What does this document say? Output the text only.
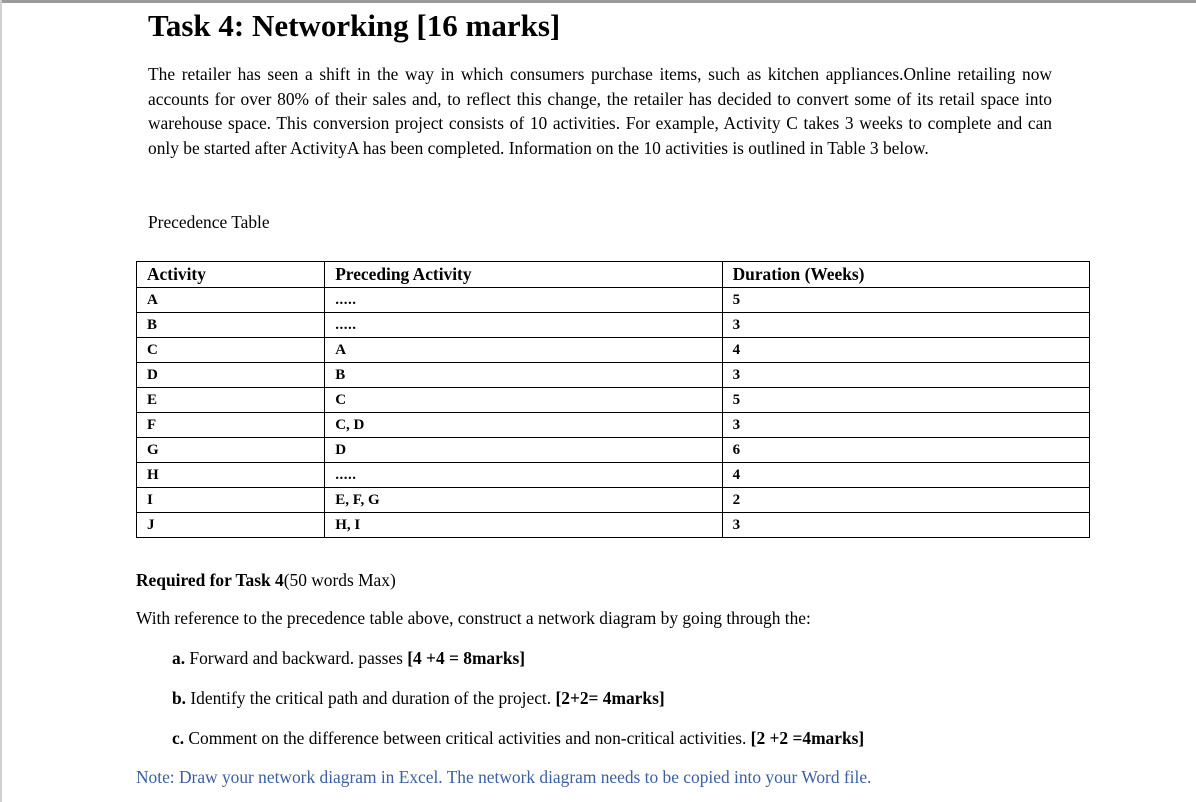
Task 4: Networking [16 marks]

The retailer has seen a shift in the way in which consumers purchase items, such as kitchen appliances.Online retailing now accounts for over 80% of their sales and, to reflect this change, the retailer has decided to convert some of its retail space into warehouse space. This conversion project consists of 10 activities. For example, Activity C takes 3 weeks to complete and can only be started after ActivityA has been completed. Information on the 10 activities is outlined in Table 3 below.

Precedence Table

Activity	Preceding Activity	Duration (Weeks)
A	.....	5
B	.....	3
C	A	4
D	B	3
E	C	5
F	C, D	3
G	D	6
H	.....	4
I	E, F, G	2
J	H, I	3

Required for Task 4(50 words Max)

With reference to the precedence table above, construct a network diagram by going through the:

a. Forward and backward. passes [4 +4 = 8marks]

b. Identify the critical path and duration of the project. [2+2= 4marks]

c. Comment on the difference between critical activities and non-critical activities. [2 +2 =4marks]

Note: Draw your network diagram in Excel. The network diagram needs to be copied into your Word file.
